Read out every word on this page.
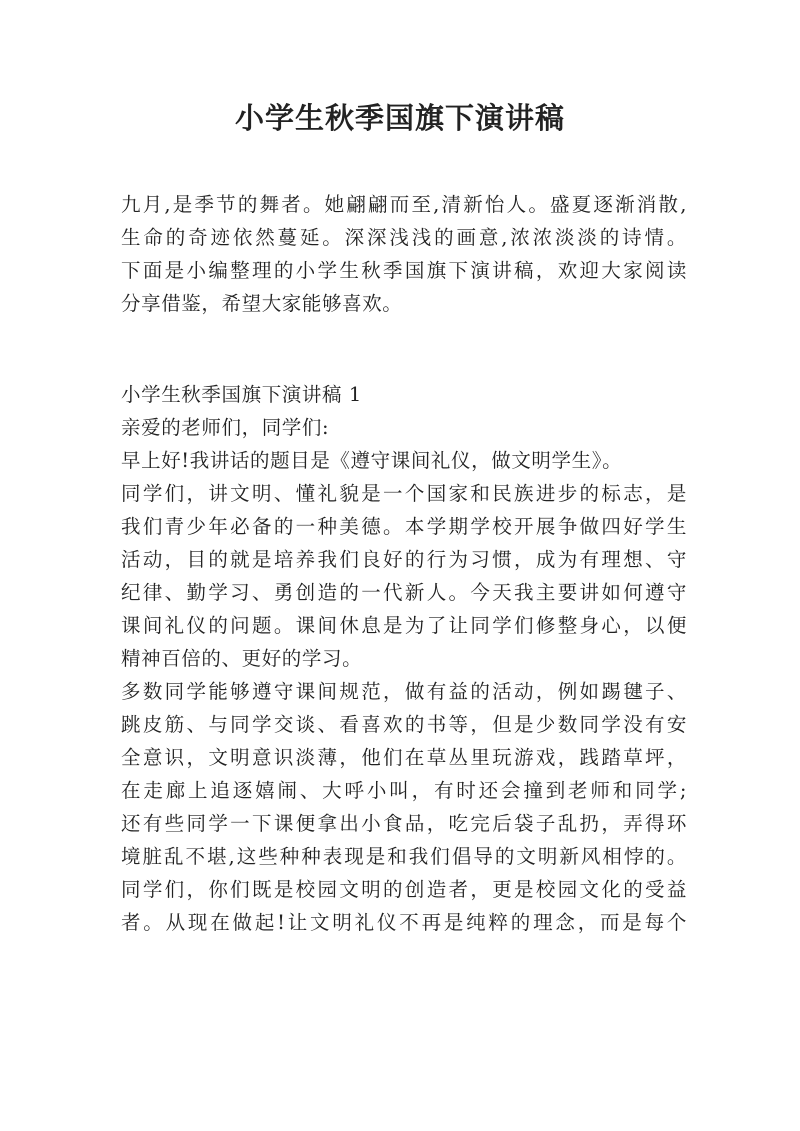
小学生秋季国旗下演讲稿
九月,是季节的舞者。她翩翩而至,清新怡人。盛夏逐渐消散,
生命的奇迹依然蔓延。深深浅浅的画意,浓浓淡淡的诗情。
下面是小编整理的小学生秋季国旗下演讲稿，欢迎大家阅读
分享借鉴，希望大家能够喜欢。
小学生秋季国旗下演讲稿 1
亲爱的老师们，同学们:
早上好!我讲话的题目是《遵守课间礼仪，做文明学生》。
同学们，讲文明、懂礼貌是一个国家和民族进步的标志，是
我们青少年必备的一种美德。本学期学校开展争做四好学生
活动，目的就是培养我们良好的行为习惯，成为有理想、守
纪律、勤学习、勇创造的一代新人。今天我主要讲如何遵守
课间礼仪的问题。课间休息是为了让同学们修整身心，以便
精神百倍的、更好的学习。
多数同学能够遵守课间规范，做有益的活动，例如踢毽子、
跳皮筋、与同学交谈、看喜欢的书等，但是少数同学没有安
全意识，文明意识淡薄，他们在草丛里玩游戏，践踏草坪，
在走廊上追逐嬉闹、大呼小叫，有时还会撞到老师和同学;
还有些同学一下课便拿出小食品，吃完后袋子乱扔，弄得环
境脏乱不堪,这些种种表现是和我们倡导的文明新风相悖的。
同学们，你们既是校园文明的创造者，更是校园文化的受益
者。从现在做起!让文明礼仪不再是纯粹的理念，而是每个
